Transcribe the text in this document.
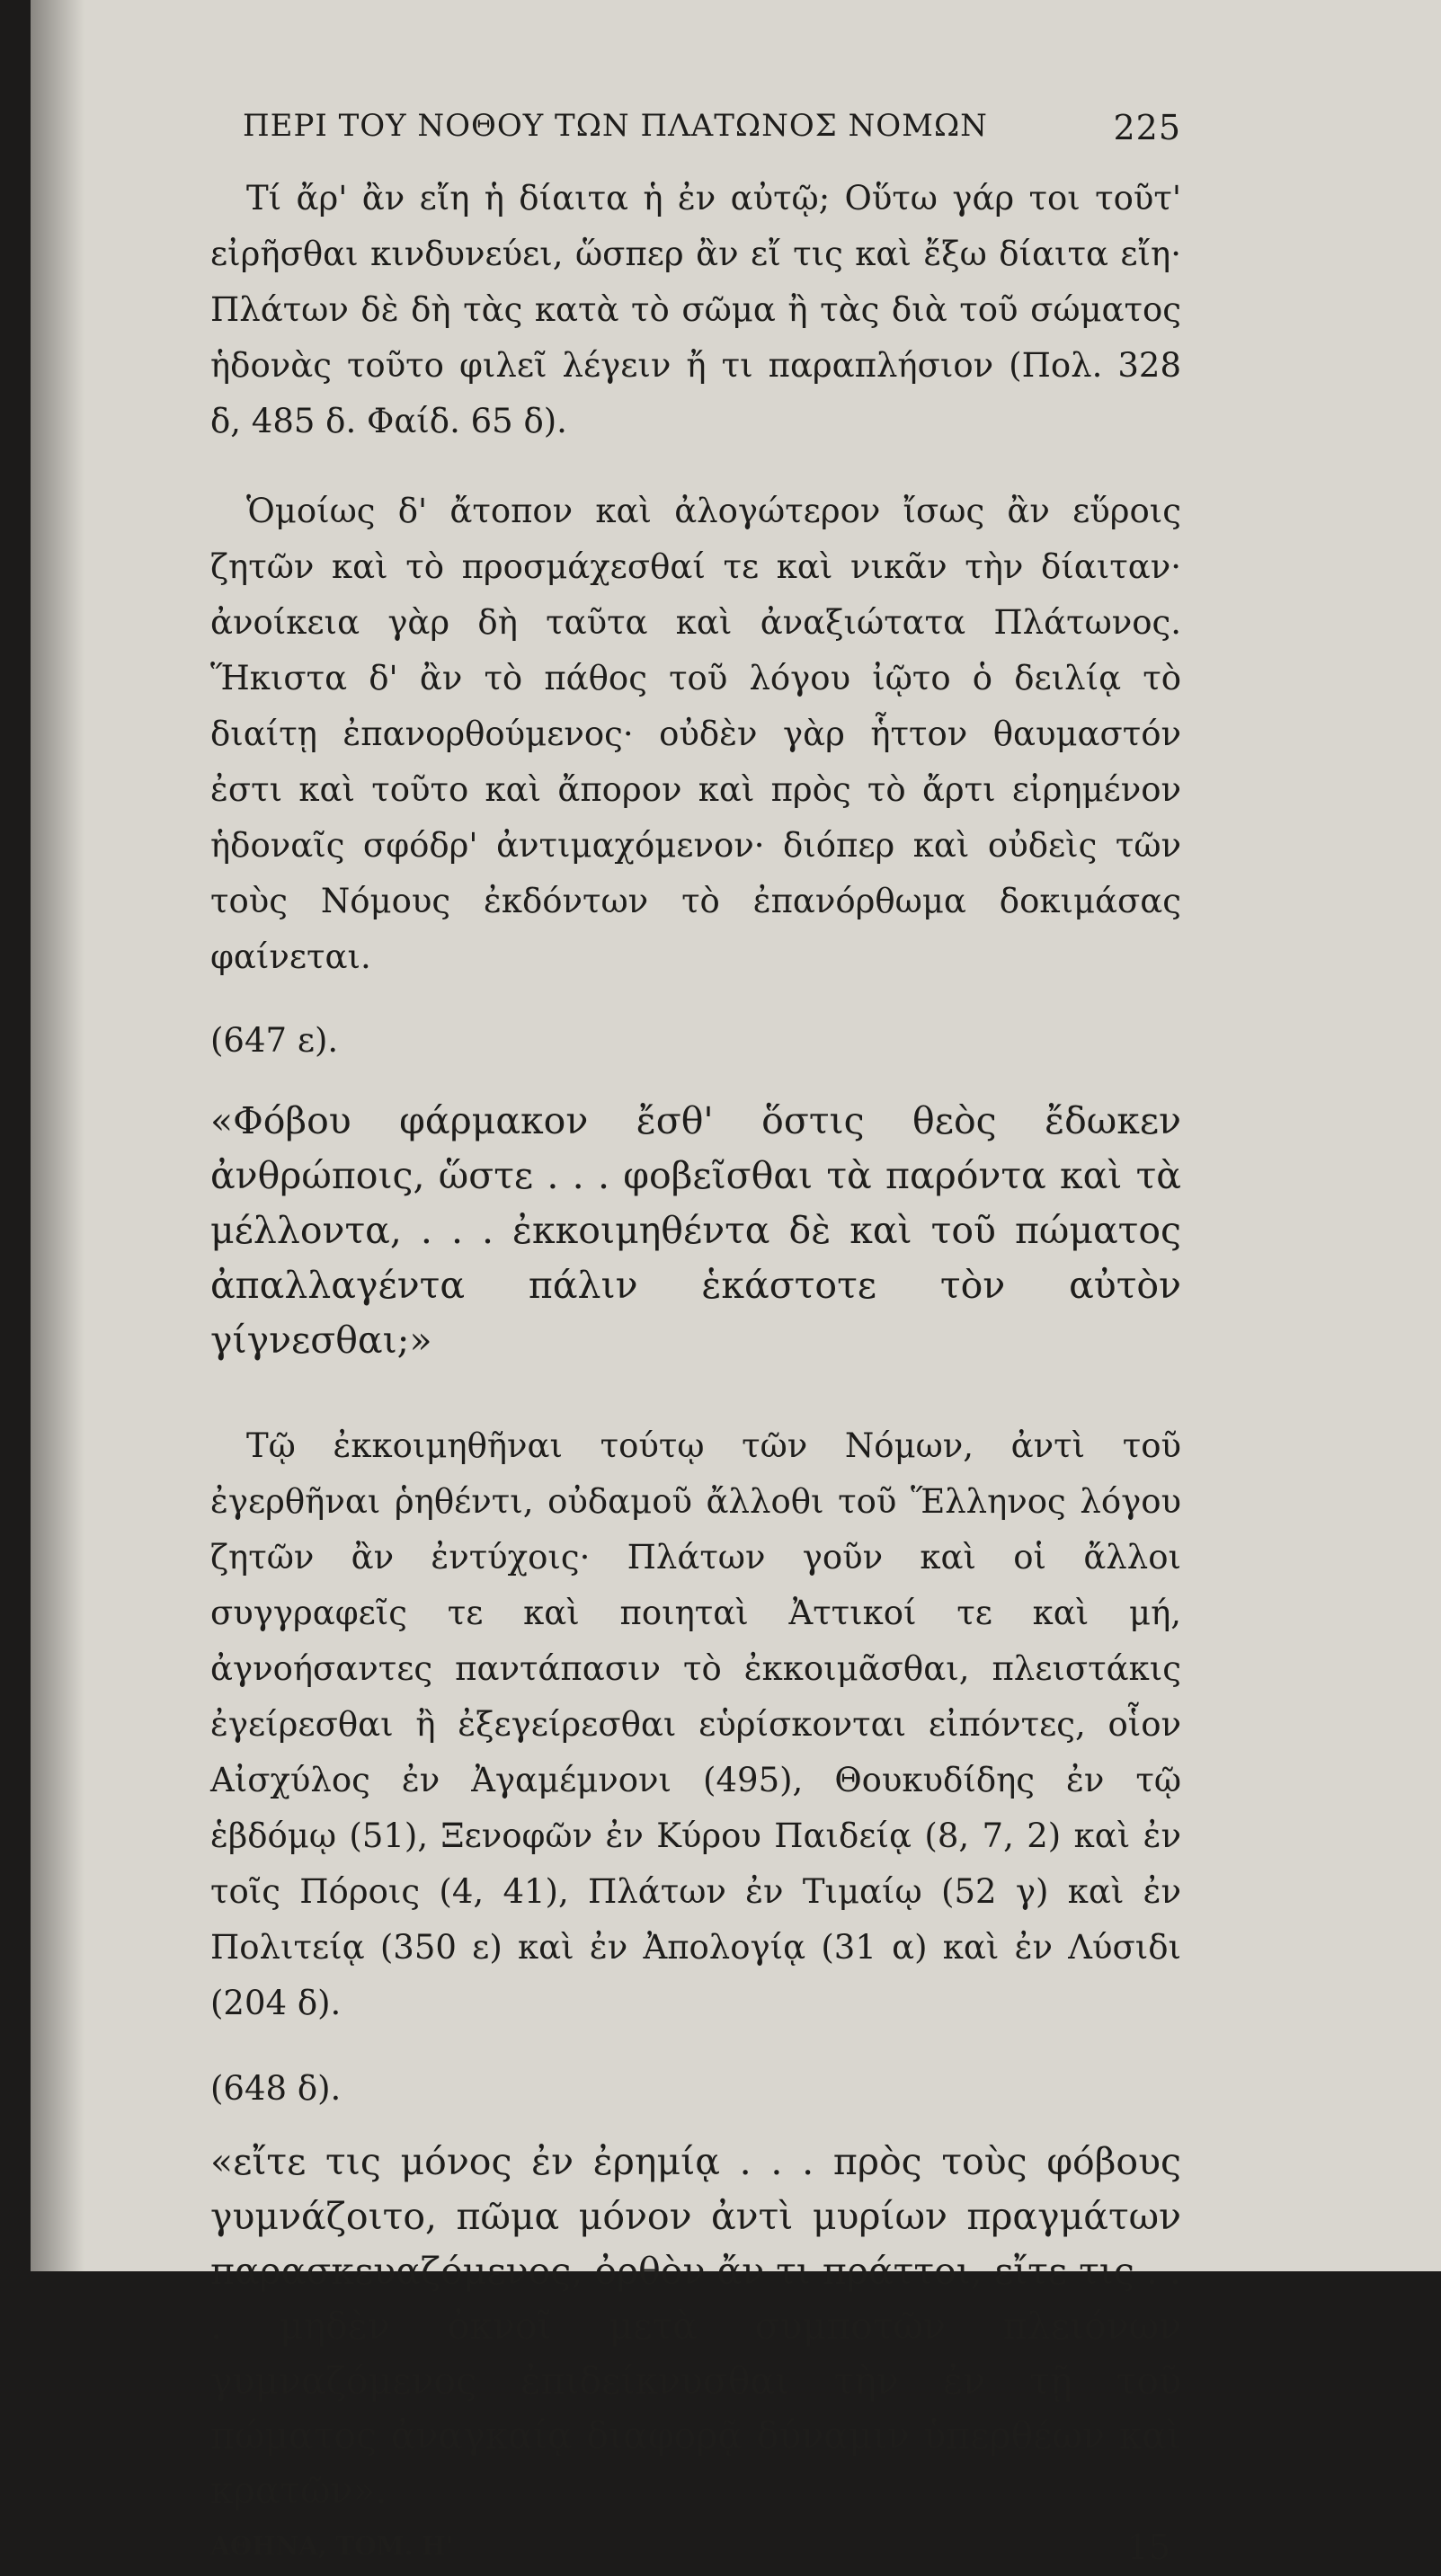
ΠΕΡΙ ΤΟΥ ΝΟΘΟΥ ΤΩΝ ΠΛΑΤΩΝΟΣ ΝΟΜΩΝ	225

Τί ἄρ' ἂν εἴη ἡ δίαιτα ἡ ἐν αὐτῷ; Οὕτω γάρ τοι τοῦτ' εἰρῆσθαι κινδυνεύει, ὥσπερ ἂν εἴ τις καὶ ἔξω δίαιτα εἴη· Πλάτων δὲ δὴ τὰς κατὰ τὸ σῶμα ἢ τὰς διὰ τοῦ σώματος ἡδονὰς τοῦτο φιλεῖ λέγειν ἤ τι παραπλήσιον (Πολ. 328 δ, 485 δ. Φαίδ. 65 δ).

Ὁμοίως δ' ἄτοπον καὶ ἀλογώτερον ἴσως ἂν εὕροις ζητῶν καὶ τὸ προσμάχεσθαί τε καὶ νικᾶν τὴν δίαιταν· ἀνοίκεια γὰρ δὴ ταῦτα καὶ ἀναξιώτατα Πλάτωνος. Ἥκιστα δ' ἂν τὸ πάθος τοῦ λόγου ἰῷτο ὁ δειλίᾳ τὸ διαίτῃ ἐπανορθούμενος· οὐδὲν γὰρ ἧττον θαυμαστόν ἐστι καὶ τοῦτο καὶ ἄπορον καὶ πρὸς τὸ ἄρτι εἰρημένον ἡδοναῖς σφόδρ' ἀντιμαχόμενον· διόπερ καὶ οὐδεὶς τῶν τοὺς Νόμους ἐκδόντων τὸ ἐπανόρθωμα δοκιμάσας φαίνεται.

(647 ε).

«Φόβου φάρμακον ἔσθ' ὅστις θεὸς ἔδωκεν ἀνθρώποις, ὥστε . . . φοβεῖσθαι τὰ παρόντα καὶ τὰ μέλλοντα, . . . ἐκκοιμηθέντα δὲ καὶ τοῦ πώματος ἀπαλλαγέντα πάλιν ἑκάστοτε τὸν αὐτὸν γίγνεσθαι;»

Τῷ ἐκκοιμηθῆναι τούτῳ τῶν Νόμων, ἀντὶ τοῦ ἐγερθῆναι ῥηθέντι, οὐδαμοῦ ἄλλοθι τοῦ Ἕλληνος λόγου ζητῶν ἂν ἐντύχοις· Πλάτων γοῦν καὶ οἱ ἄλλοι συγγραφεῖς τε καὶ ποιηταὶ Ἀττικοί τε καὶ μή, ἀγνοήσαντες παντάπασιν τὸ ἐκκοιμᾶσθαι, πλειστάκις ἐγείρεσθαι ἢ ἐξεγείρεσθαι εὑρίσκονται εἰπόντες, οἷον Αἰσχύλος ἐν Ἀγαμέμνονι (495), Θουκυδίδης ἐν τῷ ἑβδόμῳ (51), Ξενοφῶν ἐν Κύρου Παιδείᾳ (8, 7, 2) καὶ ἐν τοῖς Πόροις (4, 41), Πλάτων ἐν Τιμαίῳ (52 γ) καὶ ἐν Πολιτείᾳ (350 ε) καὶ ἐν Ἀπολογίᾳ (31 α) καὶ ἐν Λύσιδι (204 δ).

(648 δ).

«εἴτε τις μόνος ἐν ἐρημίᾳ . . . πρὸς τοὺς φόβους γυμνάζοιτο, πῶμα μόνον ἀντὶ μυρίων πραγμάτων παρασκευαζόμενος, ὀρθὸν ἄν τι πράττοι, εἴτε τις . . . μηδὲν ὀκνοῖ μετὰ συμποτῶν πλειόνων γυμναζόμενος ἐπιδείκνυσθαι τὴν ἐν τῇ τοῦ πώματος ἀναγκαίᾳ διαφορᾷ δύναμιν ὑπερθέων καὶ κρατῶν».

ΑΘΗΝΑ, ΤΟΜ. Η'	15
